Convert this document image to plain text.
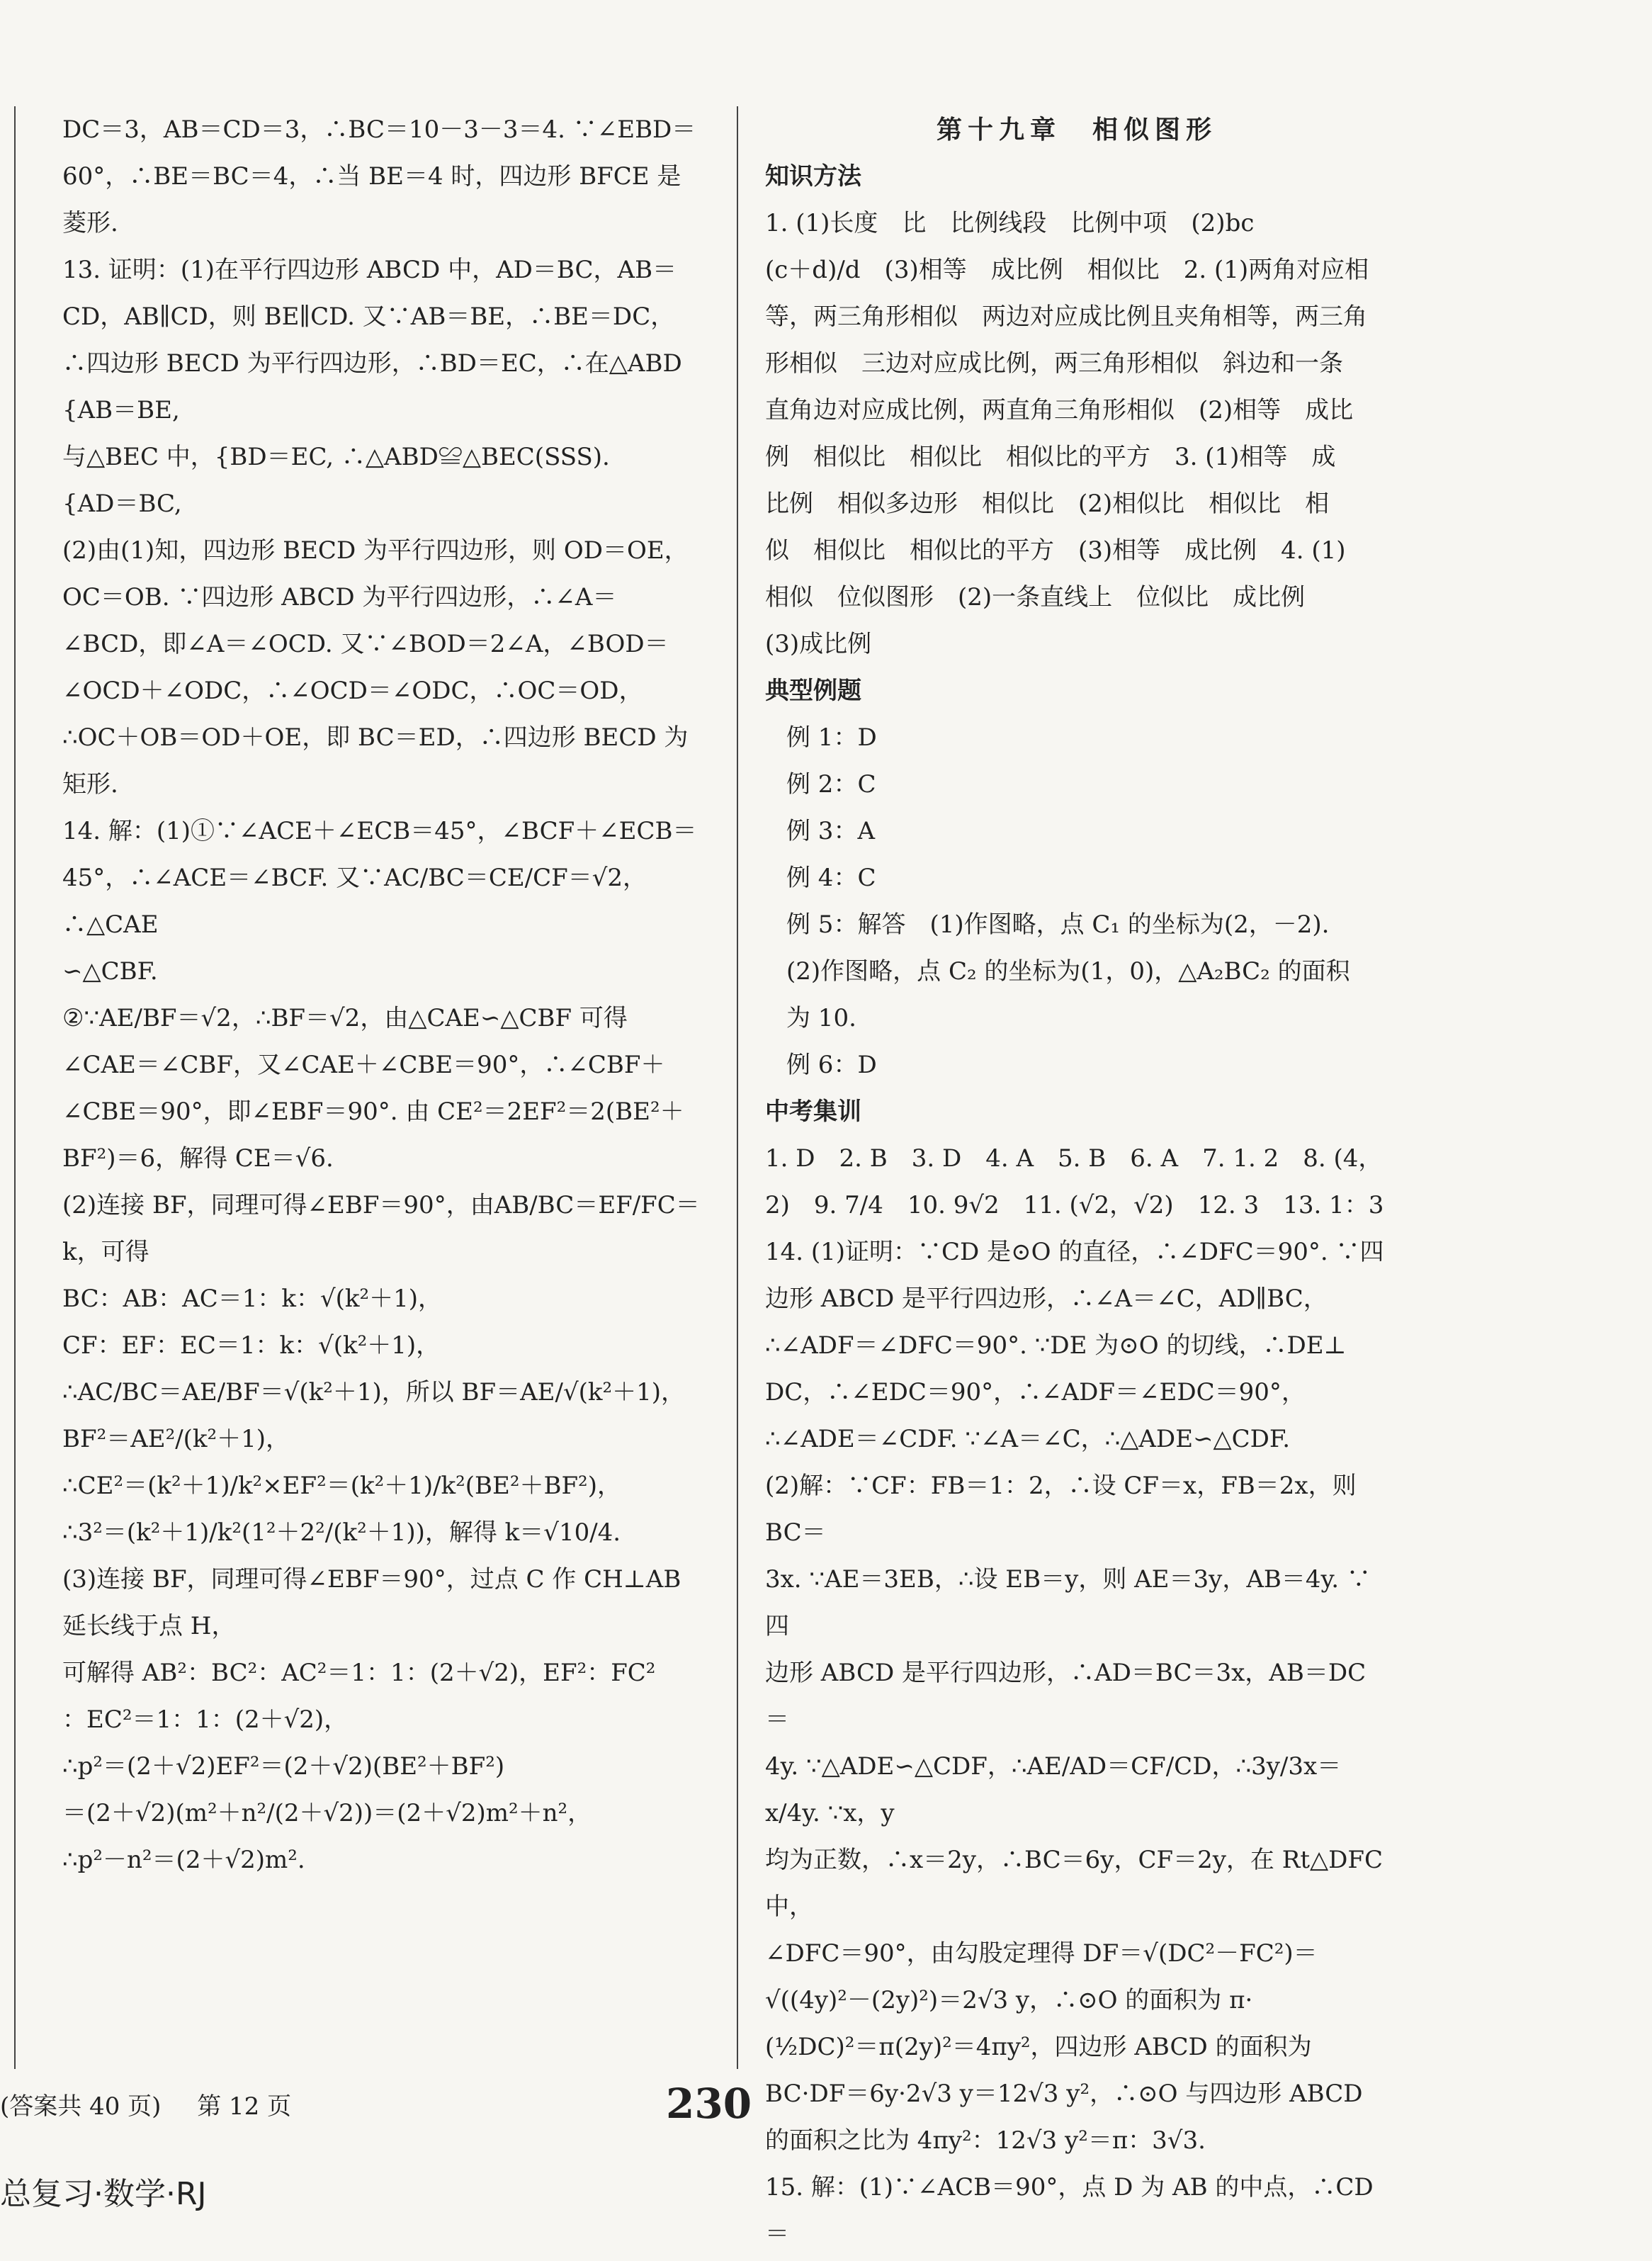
DC＝3，AB＝CD＝3，∴BC＝10－3－3＝4. ∵∠EBD＝

60°，∴BE＝BC＝4，∴当 BE＝4 时，四边形 BFCE 是

菱形.

13. 证明：(1)在平行四边形 ABCD 中，AD＝BC，AB＝

CD，AB∥CD，则 BE∥CD. 又∵AB＝BE，∴BE＝DC，

∴四边形 BECD 为平行四边形，∴BD＝EC，∴在△ABD

{AB＝BE,

与△BEC 中，{BD＝EC, ∴△ABD≌△BEC(SSS).

{AD＝BC,

(2)由(1)知，四边形 BECD 为平行四边形，则 OD＝OE，

OC＝OB. ∵四边形 ABCD 为平行四边形，∴∠A＝

∠BCD，即∠A＝∠OCD. 又∵∠BOD＝2∠A，∠BOD＝

∠OCD＋∠ODC，∴∠OCD＝∠ODC，∴OC＝OD，

∴OC＋OB＝OD＋OE，即 BC＝ED，∴四边形 BECD 为

矩形.

14. 解：(1)①∵∠ACE＋∠ECB＝45°，∠BCF＋∠ECB＝

45°，∴∠ACE＝∠BCF. 又∵AC/BC＝CE/CF＝√2，∴△CAE

∽△CBF.

②∵AE/BF＝√2，∴BF＝√2，由△CAE∽△CBF 可得

∠CAE＝∠CBF，又∠CAE＋∠CBE＝90°，∴∠CBF＋

∠CBE＝90°，即∠EBF＝90°. 由 CE²＝2EF²＝2(BE²＋

BF²)＝6，解得 CE＝√6.

(2)连接 BF，同理可得∠EBF＝90°，由AB/BC＝EF/FC＝k，可得

BC：AB：AC＝1：k：√(k²＋1)，

CF：EF：EC＝1：k：√(k²＋1)，

∴AC/BC＝AE/BF＝√(k²＋1)，所以 BF＝AE/√(k²＋1)，BF²＝AE²/(k²＋1)，

∴CE²＝(k²＋1)/k²×EF²＝(k²＋1)/k²(BE²＋BF²)，

∴3²＝(k²＋1)/k²(1²＋2²/(k²＋1))，解得 k＝√10/4.

(3)连接 BF，同理可得∠EBF＝90°，过点 C 作 CH⊥AB

延长线于点 H，

可解得 AB²：BC²：AC²＝1：1：(2＋√2)，EF²：FC²

：EC²＝1：1：(2＋√2)，

∴p²＝(2＋√2)EF²＝(2＋√2)(BE²＋BF²)

＝(2＋√2)(m²＋n²/(2＋√2))＝(2＋√2)m²＋n²，

∴p²－n²＝(2＋√2)m².

第十九章　相似图形

知识方法

1. (1)长度　比　比例线段　比例中项　(2)bc

(c＋d)/d　(3)相等　成比例　相似比　2. (1)两角对应相

等，两三角形相似　两边对应成比例且夹角相等，两三角

形相似　三边对应成比例，两三角形相似　斜边和一条

直角边对应成比例，两直角三角形相似　(2)相等　成比

例　相似比　相似比　相似比的平方　3. (1)相等　成

比例　相似多边形　相似比　(2)相似比　相似比　相

似　相似比　相似比的平方　(3)相等　成比例　4. (1)

相似　位似图形　(2)一条直线上　位似比　成比例

(3)成比例

典型例题

例 1：D

例 2：C

例 3：A

例 4：C

例 5：解答　(1)作图略，点 C₁ 的坐标为(2，－2).

(2)作图略，点 C₂ 的坐标为(1，0)，△A₂BC₂ 的面积

为 10.

例 6：D

中考集训

1. D　2. B　3. D　4. A　5. B　6. A　7. 1. 2　8. (4，

2)　9. 7/4　10. 9√2　11. (√2，√2)　12. 3　13. 1：3

14. (1)证明：∵CD 是⊙O 的直径，∴∠DFC＝90°. ∵四

边形 ABCD 是平行四边形，∴∠A＝∠C，AD∥BC，

∴∠ADF＝∠DFC＝90°. ∵DE 为⊙O 的切线，∴DE⊥

DC，∴∠EDC＝90°，∴∠ADF＝∠EDC＝90°，

∴∠ADE＝∠CDF. ∵∠A＝∠C，∴△ADE∽△CDF.

(2)解：∵CF：FB＝1：2，∴设 CF＝x，FB＝2x，则 BC＝

3x. ∵AE＝3EB，∴设 EB＝y，则 AE＝3y，AB＝4y. ∵四

边形 ABCD 是平行四边形，∴AD＝BC＝3x，AB＝DC＝

4y. ∵△ADE∽△CDF，∴AE/AD＝CF/CD，∴3y/3x＝x/4y. ∵x，y

均为正数，∴x＝2y，∴BC＝6y，CF＝2y，在 Rt△DFC 中，

∠DFC＝90°，由勾股定理得 DF＝√(DC²－FC²)＝

√((4y)²－(2y)²)＝2√3 y，∴⊙O 的面积为 π·

(½DC)²＝π(2y)²＝4πy²，四边形 ABCD 的面积为

BC·DF＝6y·2√3 y＝12√3 y²，∴⊙O 与四边形 ABCD

的面积之比为 4πy²：12√3 y²＝π：3√3.

15. 解：(1)∵∠ACB＝90°，点 D 为 AB 的中点，∴CD＝

(答案共 40 页) 第 12 页	230
总复习·数学·RJ
